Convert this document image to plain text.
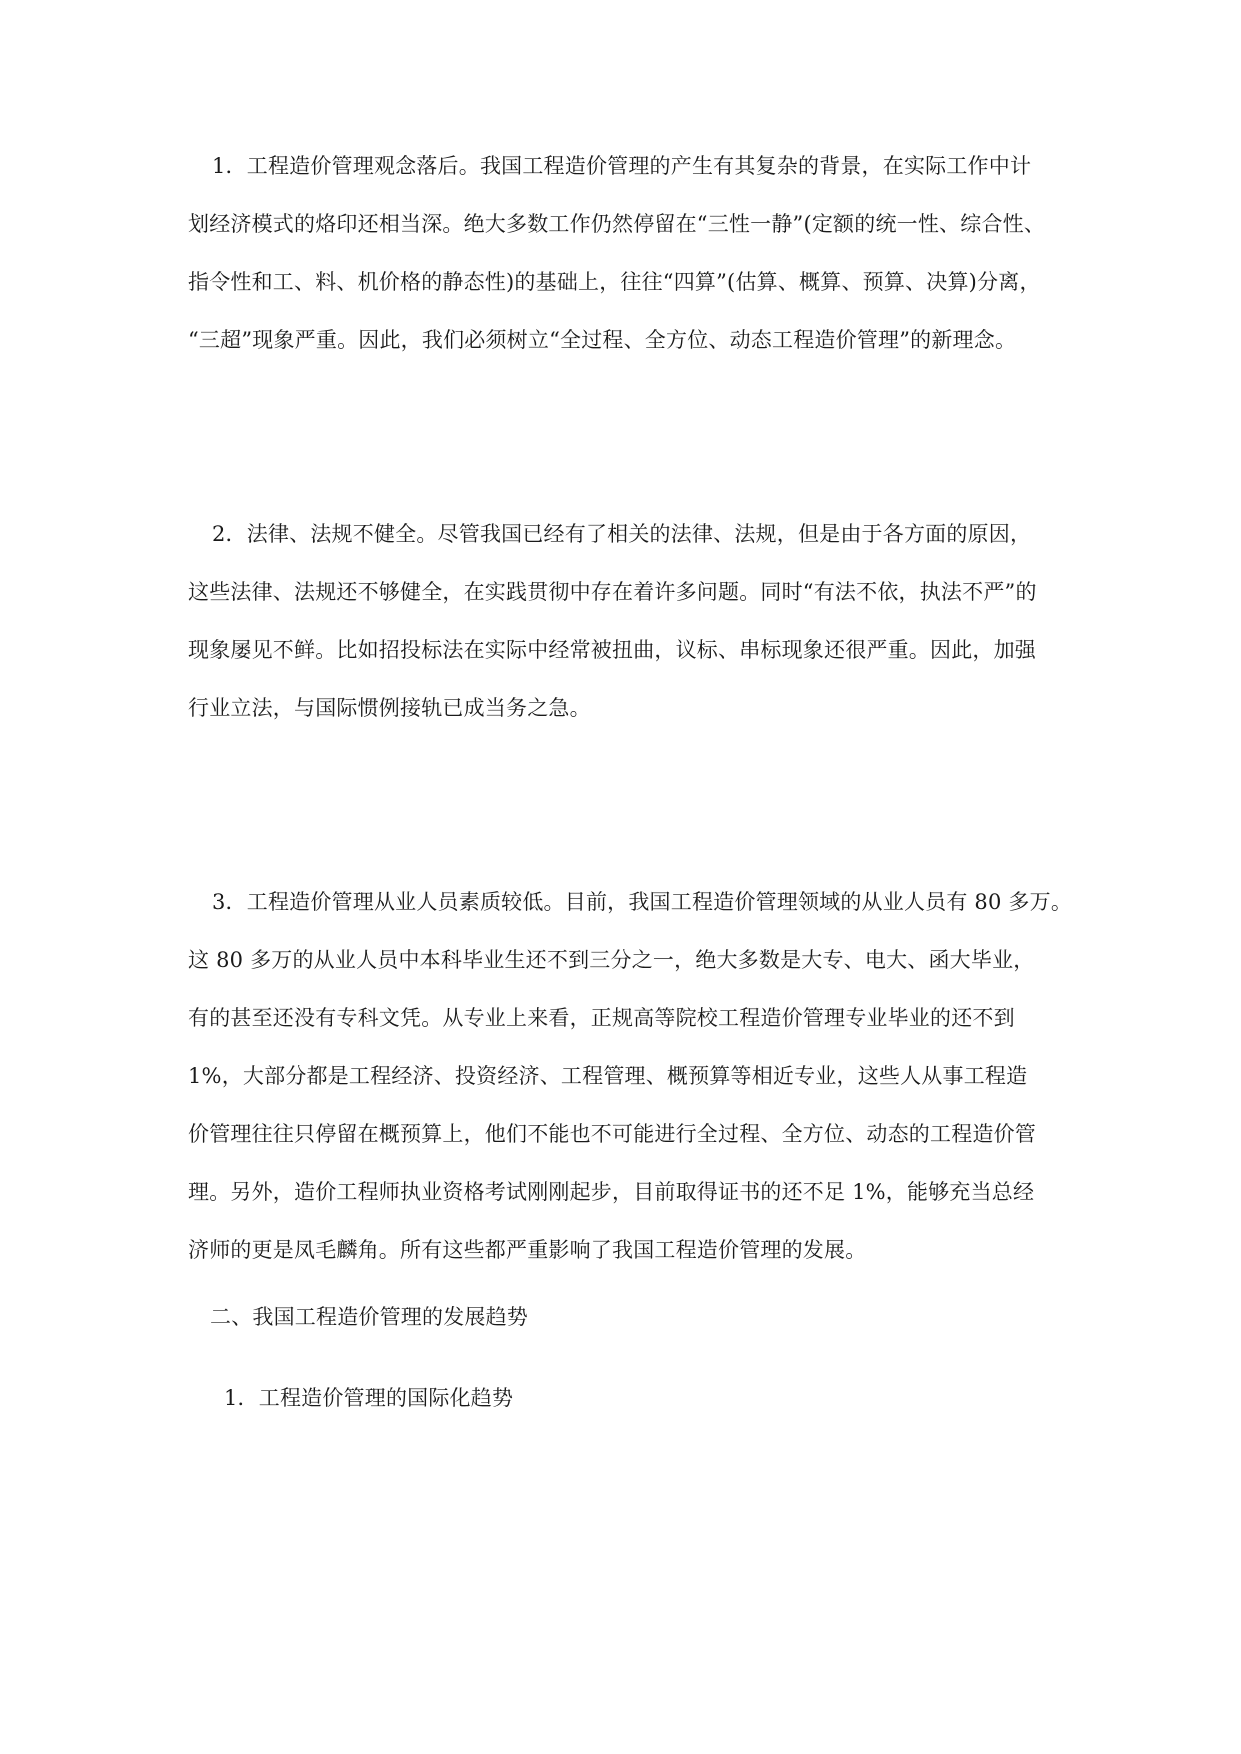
1．工程造价管理观念落后。我国工程造价管理的产生有其复杂的背景，在实际工作中计
划经济模式的烙印还相当深。绝大多数工作仍然停留在“三性一静”(定额的统一性、综合性、
指令性和工、料、机价格的静态性)的基础上，往往“四算”(估算、概算、预算、决算)分离，
“三超”现象严重。因此，我们必须树立“全过程、全方位、动态工程造价管理”的新理念。
2．法律、法规不健全。尽管我国已经有了相关的法律、法规，但是由于各方面的原因，
这些法律、法规还不够健全，在实践贯彻中存在着许多问题。同时“有法不依，执法不严”的
现象屡见不鲜。比如招投标法在实际中经常被扭曲，议标、串标现象还很严重。因此，加强
行业立法，与国际惯例接轨已成当务之急。
3．工程造价管理从业人员素质较低。目前，我国工程造价管理领域的从业人员有 80 多万。
这 80 多万的从业人员中本科毕业生还不到三分之一，绝大多数是大专、电大、函大毕业，
有的甚至还没有专科文凭。从专业上来看，正规高等院校工程造价管理专业毕业的还不到
1%，大部分都是工程经济、投资经济、工程管理、概预算等相近专业，这些人从事工程造
价管理往往只停留在概预算上，他们不能也不可能进行全过程、全方位、动态的工程造价管
理。另外，造价工程师执业资格考试刚刚起步，目前取得证书的还不足 1%，能够充当总经
济师的更是凤毛麟角。所有这些都严重影响了我国工程造价管理的发展。
二、我国工程造价管理的发展趋势
1．工程造价管理的国际化趋势
